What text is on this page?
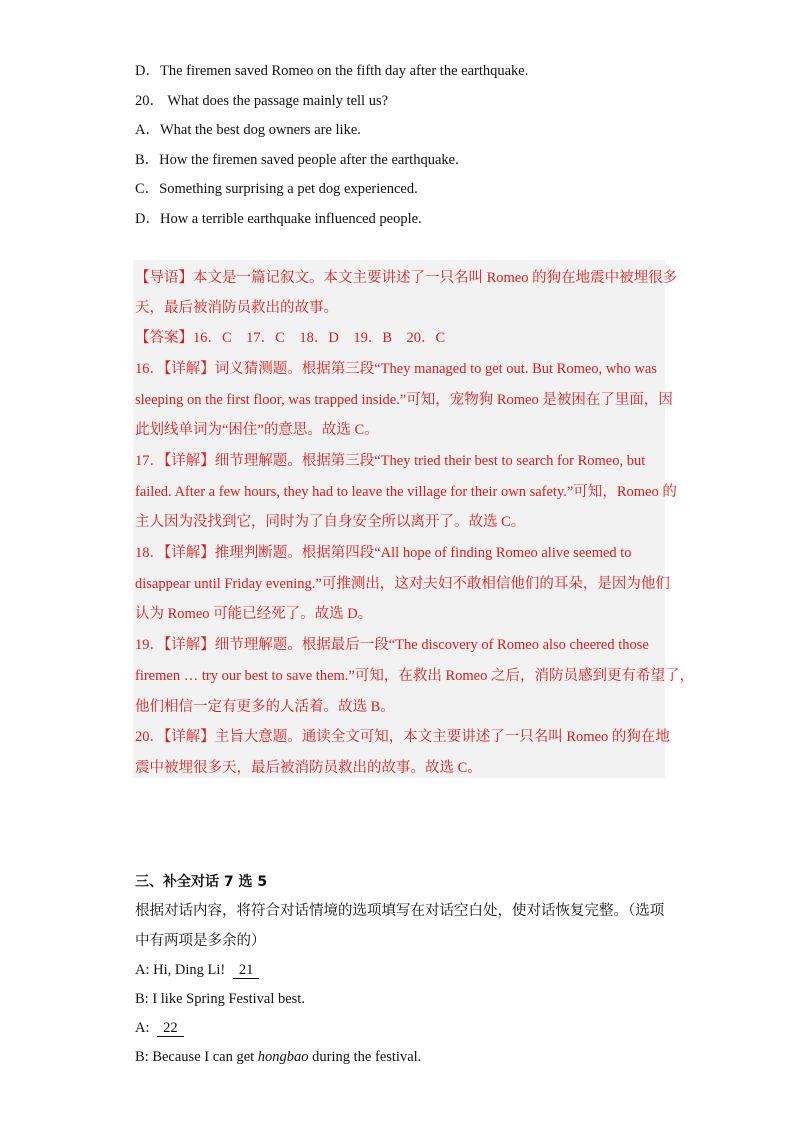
D．The firemen saved Romeo on the fifth day after the earthquake.
20． What does the passage mainly tell us?
A．What the best dog owners are like.
B．How the firemen saved people after the earthquake.
C．Something surprising a pet dog experienced.
D．How a terrible earthquake influenced people.
【导语】本文是一篇记叙文。本文主要讲述了一只名叫 Romeo 的狗在地震中被埋很多
天，最后被消防员救出的故事。
【答案】16．C　17．C　18．D　19．B　20．C
16．【详解】词义猜测题。根据第三段“They managed to get out. But Romeo, who was
sleeping on the first floor, was trapped inside.”可知，宠物狗 Romeo 是被困在了里面，因
此划线单词为“困住”的意思。故选 C。
17．【详解】细节理解题。根据第三段“They tried their best to search for Romeo, but
failed. After a few hours, they had to leave the village for their own safety.”可知，Romeo 的
主人因为没找到它，同时为了自身安全所以离开了。故选 C。
18．【详解】推理判断题。根据第四段“All hope of finding Romeo alive seemed to
disappear until Friday evening.”可推测出，这对夫妇不敢相信他们的耳朵，是因为他们
认为 Romeo 可能已经死了。故选 D。
19．【详解】细节理解题。根据最后一段“The discovery of Romeo also cheered those
firemen … try our best to save them.”可知，在救出 Romeo 之后，消防员感到更有希望了，
他们相信一定有更多的人活着。故选 B。
20．【详解】主旨大意题。通读全文可知，本文主要讲述了一只名叫 Romeo 的狗在地
震中被埋很多天，最后被消防员救出的故事。故选 C。
三、补全对话 7 选 5
根据对话内容，将符合对话情境的选项填写在对话空白处，使对话恢复完整。（选项
中有两项是多余的）
A: Hi, Ding Li! 21
B: I like Spring Festival best.
A: 22
B: Because I can get hongbao during the festival.
